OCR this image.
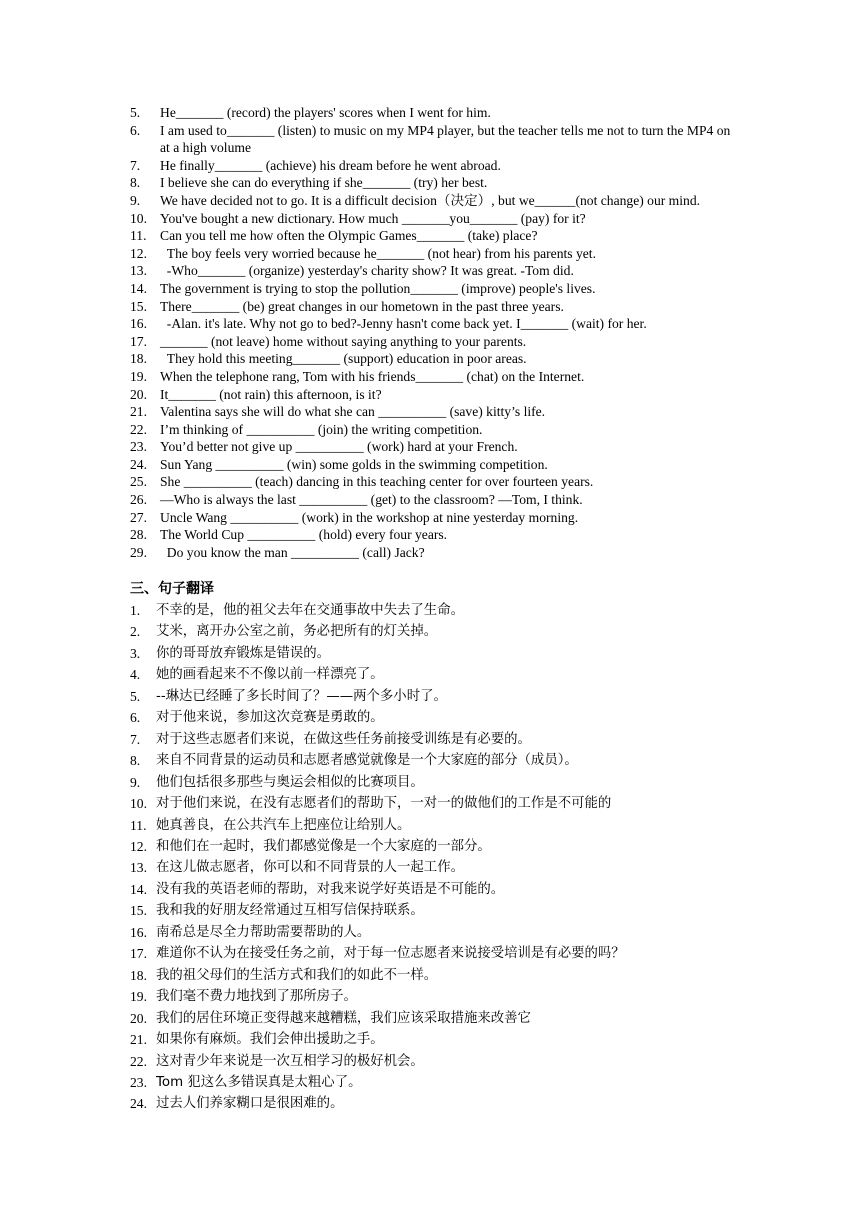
5.	He_______ (record) the players' scores when I went for him.
6.	I am used to_______ (listen) to music on my MP4 player, but the teacher tells me not to turn the MP4 on at a high volume
7.	He finally_______ (achieve) his dream before he went abroad.
8.	I believe she can do everything if she_______ (try) her best.
9.	We have decided not to go. It is a difficult decision（决定）, but we______(not change) our mind.
10. You've bought a new dictionary. How much _______you_______ (pay) for it?
11. Can you tell me how often the Olympic Games_______ (take) place?
12. The boy feels very worried because he_______ (not hear) from his parents yet.
13. -Who_______ (organize) yesterday's charity show? It was great. -Tom did.
14. The government is trying to stop the pollution_______ (improve) people's lives.
15. There_______ (be) great changes in our hometown in the past three years.
16. -Alan. it's late. Why not go to bed?-Jenny hasn't come back yet. I_______ (wait) for her.
17. _______ (not leave) home without saying anything to your parents.
18. They hold this meeting_______ (support) education in poor areas.
19. When the telephone rang, Tom with his friends_______ (chat) on the Internet.
20. It_______ (not rain) this afternoon, is it?
21. Valentina says she will do what she can __________ (save) kitty’s life.
22. I’m thinking of __________ (join) the writing competition.
23. You’d better not give up __________ (work) hard at your French.
24. Sun Yang __________ (win) some golds in the swimming competition.
25. She __________ (teach) dancing in this teaching center for over fourteen years.
26. —Who is always the last __________ (get) to the classroom? —Tom, I think.
27. Uncle Wang __________ (work) in the workshop at nine yesterday morning.
28. The World Cup __________ (hold) every four years.
29. Do you know the man __________ (call) Jack?
三、句子翻译
1.	不幸的是，他的祖父去年在交通事故中失去了生命。
2.	艾米，离开办公室之前，务必把所有的灯关掉。
3.	你的哥哥放弃锻炼是错误的。
4.	她的画看起来不不像以前一样漂亮了。
5.	--琳达已经睡了多长时间了？——两个多小时了。
6.	对于他来说，参加这次竞赛是勇敢的。
7.	对于这些志愿者们来说，在做这些任务前接受训练是有必要的。
8.	来自不同背景的运动员和志愿者感觉就像是一个大家庭的部分（成员）。
9.	他们包括很多那些与奥运会相似的比赛项目。
10. 对于他们来说，在没有志愿者们的帮助下，一对一的做他们的工作是不可能的
11. 她真善良，在公共汽车上把座位让给别人。
12. 和他们在一起时，我们都感觉像是一个大家庭的一部分。
13. 在这儿做志愿者，你可以和不同背景的人一起工作。
14. 没有我的英语老师的帮助，对我来说学好英语是不可能的。
15. 我和我的好朋友经常通过互相写信保持联系。
16. 南希总是尽全力帮助需要帮助的人。
17. 难道你不认为在接受任务之前，对于每一位志愿者来说接受培训是有必要的吗？
18. 我的祖父母们的生活方式和我们的如此不一样。
19. 我们毫不费力地找到了那所房子。
20. 我们的居住环境正变得越来越糟糕，我们应该采取措施来改善它
21. 如果你有麻烦。我们会伸出援助之手。
22. 这对青少年来说是一次互相学习的极好机会。
23. Tom 犯这么多错误真是太粗心了。
24. 过去人们养家糊口是很困难的。
